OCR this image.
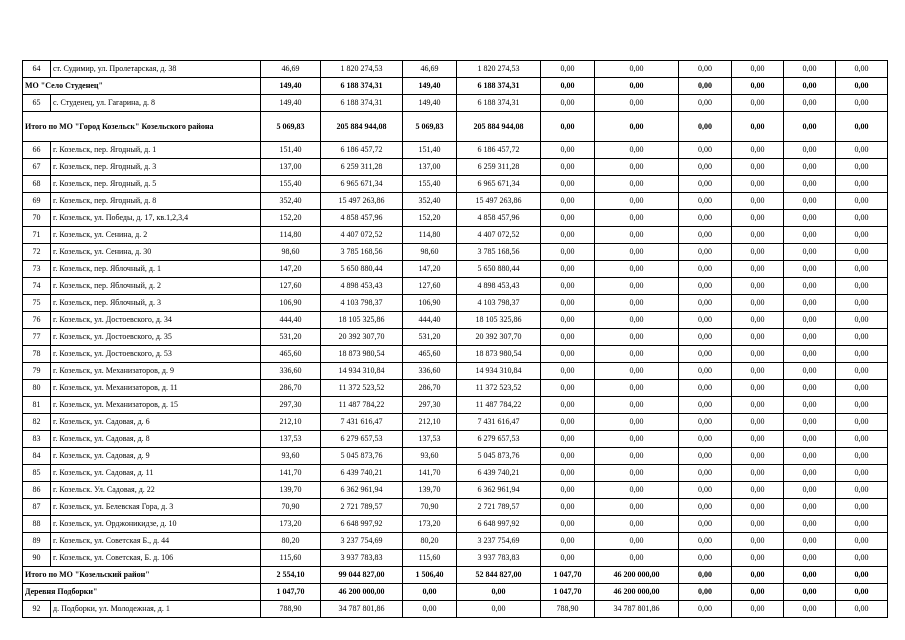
64	ст. Судимир, ул. Пролетарская, д. 38	46,69	1 820 274,53	46,69	1 820 274,53	0,00	0,00	0,00	0,00	0,00	0,00
МО "Село Студенец"		149,40	6 188 374,31	149,40	6 188 374,31	0,00	0,00	0,00	0,00	0,00	0,00
65	с. Студенец, ул. Гагарина, д. 8	149,40	6 188 374,31	149,40	6 188 374,31	0,00	0,00	0,00	0,00	0,00	0,00
Итого по МО "Город Козельск" Козельского района		5 069,83	205 884 944,08	5 069,83	205 884 944,08	0,00	0,00	0,00	0,00	0,00	0,00
66	г. Козельск, пер. Ягодный, д. 1	151,40	6 186 457,72	151,40	6 186 457,72	0,00	0,00	0,00	0,00	0,00	0,00
67	г. Козельск, пер. Ягодный, д. 3	137,00	6 259 311,28	137,00	6 259 311,28	0,00	0,00	0,00	0,00	0,00	0,00
68	г. Козельск, пер. Ягодный, д. 5	155,40	6 965 671,34	155,40	6 965 671,34	0,00	0,00	0,00	0,00	0,00	0,00
69	г. Козельск, пер. Ягодный, д. 8	352,40	15 497 263,86	352,40	15 497 263,86	0,00	0,00	0,00	0,00	0,00	0,00
70	г. Козельск, ул. Победы, д. 17, кв.1,2,3,4	152,20	4 858 457,96	152,20	4 858 457,96	0,00	0,00	0,00	0,00	0,00	0,00
71	г. Козельск, ул. Сенина, д. 2	114,80	4 407 072,52	114,80	4 407 072,52	0,00	0,00	0,00	0,00	0,00	0,00
72	г. Козельск, ул. Сенина, д. 30	98,60	3 785 168,56	98,60	3 785 168,56	0,00	0,00	0,00	0,00	0,00	0,00
73	г. Козельск, пер. Яблочный, д. 1	147,20	5 650 880,44	147,20	5 650 880,44	0,00	0,00	0,00	0,00	0,00	0,00
74	г. Козельск, пер. Яблочный, д. 2	127,60	4 898 453,43	127,60	4 898 453,43	0,00	0,00	0,00	0,00	0,00	0,00
75	г. Козельск, пер. Яблочный, д. 3	106,90	4 103 798,37	106,90	4 103 798,37	0,00	0,00	0,00	0,00	0,00	0,00
76	г. Козельск, ул. Достоевского, д. 34	444,40	18 105 325,86	444,40	18 105 325,86	0,00	0,00	0,00	0,00	0,00	0,00
77	г. Козельск, ул. Достоевского, д. 35	531,20	20 392 307,70	531,20	20 392 307,70	0,00	0,00	0,00	0,00	0,00	0,00
78	г. Козельск, ул. Достоевского, д. 53	465,60	18 873 980,54	465,60	18 873 980,54	0,00	0,00	0,00	0,00	0,00	0,00
79	г. Козельск, ул. Механизаторов, д. 9	336,60	14 934 310,84	336,60	14 934 310,84	0,00	0,00	0,00	0,00	0,00	0,00
80	г. Козельск, ул. Механизаторов, д. 11	286,70	11 372 523,52	286,70	11 372 523,52	0,00	0,00	0,00	0,00	0,00	0,00
81	г. Козельск, ул. Механизаторов, д. 15	297,30	11 487 784,22	297,30	11 487 784,22	0,00	0,00	0,00	0,00	0,00	0,00
82	г. Козельск, ул. Садовая, д. 6	212,10	7 431 616,47	212,10	7 431 616,47	0,00	0,00	0,00	0,00	0,00	0,00
83	г. Козельск, ул. Садовая, д. 8	137,53	6 279 657,53	137,53	6 279 657,53	0,00	0,00	0,00	0,00	0,00	0,00
84	г. Козельск, ул. Садовая, д. 9	93,60	5 045 873,76	93,60	5 045 873,76	0,00	0,00	0,00	0,00	0,00	0,00
85	г. Козельск, ул. Садовая, д. 11	141,70	6 439 740,21	141,70	6 439 740,21	0,00	0,00	0,00	0,00	0,00	0,00
86	г. Козельск. Ул. Садовая, д. 22	139,70	6 362 961,94	139,70	6 362 961,94	0,00	0,00	0,00	0,00	0,00	0,00
87	г. Козельск, ул. Белевская Гора, д. 3	70,90	2 721 789,57	70,90	2 721 789,57	0,00	0,00	0,00	0,00	0,00	0,00
88	г. Козельск, ул. Орджоникидзе, д. 10	173,20	6 648 997,92	173,20	6 648 997,92	0,00	0,00	0,00	0,00	0,00	0,00
89	г. Козельск, ул. Советская Б., д. 44	80,20	3 237 754,69	80,20	3 237 754,69	0,00	0,00	0,00	0,00	0,00	0,00
90	г. Козельск, ул. Советская, Б. д. 106	115,60	3 937 783,83	115,60	3 937 783,83	0,00	0,00	0,00	0,00	0,00	0,00
Итого по МО "Козельский район"		2 554,10	99 044 827,00	1 506,40	52 844 827,00	1 047,70	46 200 000,00	0,00	0,00	0,00	0,00
Деревня Подборки"		1 047,70	46 200 000,00	0,00	0,00	1 047,70	46 200 000,00	0,00	0,00	0,00	0,00
92	д. Подборки, ул. Молодежная, д. 1	788,90	34 787 801,86	0,00	0,00	788,90	34 787 801,86	0,00	0,00	0,00	0,00
